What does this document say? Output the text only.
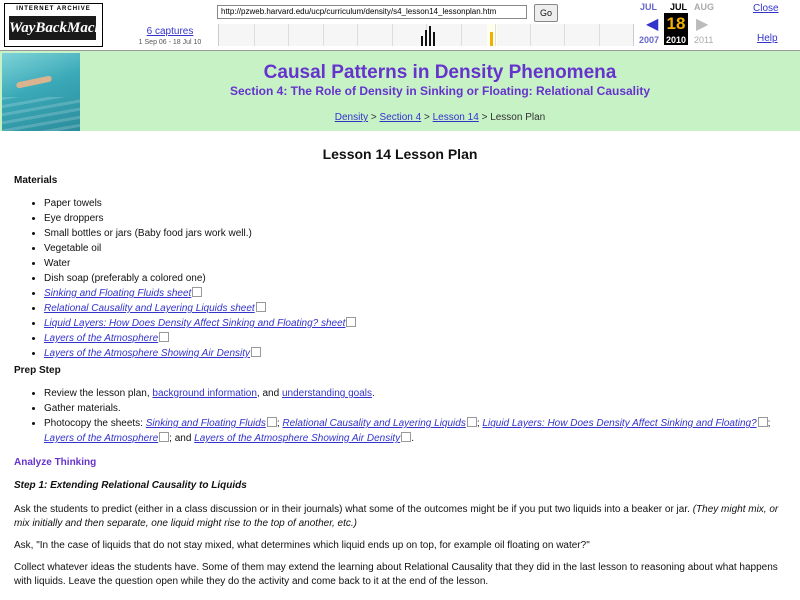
INTERNET ARCHIVE
WayBackMachine	6 captures
1 Sep 06 - 18 Jul 10
http://pzweb.harvard.edu/ucp/curriculum/density/s4_lesson14_lessonplan.htm
Go
JUL JUL AUG
◀ 18 ▶
2007 2010 2011
Close
Help
Causal Patterns in Density Phenomena
Section 4: The Role of Density in Sinking or Floating: Relational Causality
Density > Section 4 > Lesson 14 > Lesson Plan
Lesson 14 Lesson Plan
Materials
• Paper towels
• Eye droppers
• Small bottles or jars (Baby food jars work well.)
• Vegetable oil
• Water
• Dish soap (preferably a colored one)
• Sinking and Floating Fluids sheet
• Relational Causality and Layering Liquids sheet
• Liquid Layers: How Does Density Affect Sinking and Floating? sheet
• Layers of the Atmosphere
• Layers of the Atmosphere Showing Air Density
Prep Step
• Review the lesson plan, background information, and understanding goals.
• Gather materials.
• Photocopy the sheets: Sinking and Floating Fluids ; Relational Causality and Layering Liquids ; Liquid Layers: How Does Density Affect Sinking and Floating? ; Layers of the Atmosphere ; and Layers of the Atmosphere Showing Air Density .
Analyze Thinking
Step 1: Extending Relational Causality to Liquids
Ask the students to predict (either in a class discussion or in their journals) what some of the outcomes might be if you put two liquids into a beaker or jar. (They might mix, or mix initially and then separate, one liquid might rise to the top of another, etc.)
Ask, "In the case of liquids that do not stay mixed, what determines which liquid ends up on top, for example oil floating on water?"
Collect whatever ideas the students have. Some of them may extend the learning about Relational Causality that they did in the last lesson to reasoning about what happens with liquids. Leave the question open while they do the activity and come back to it at the end of the lesson.
